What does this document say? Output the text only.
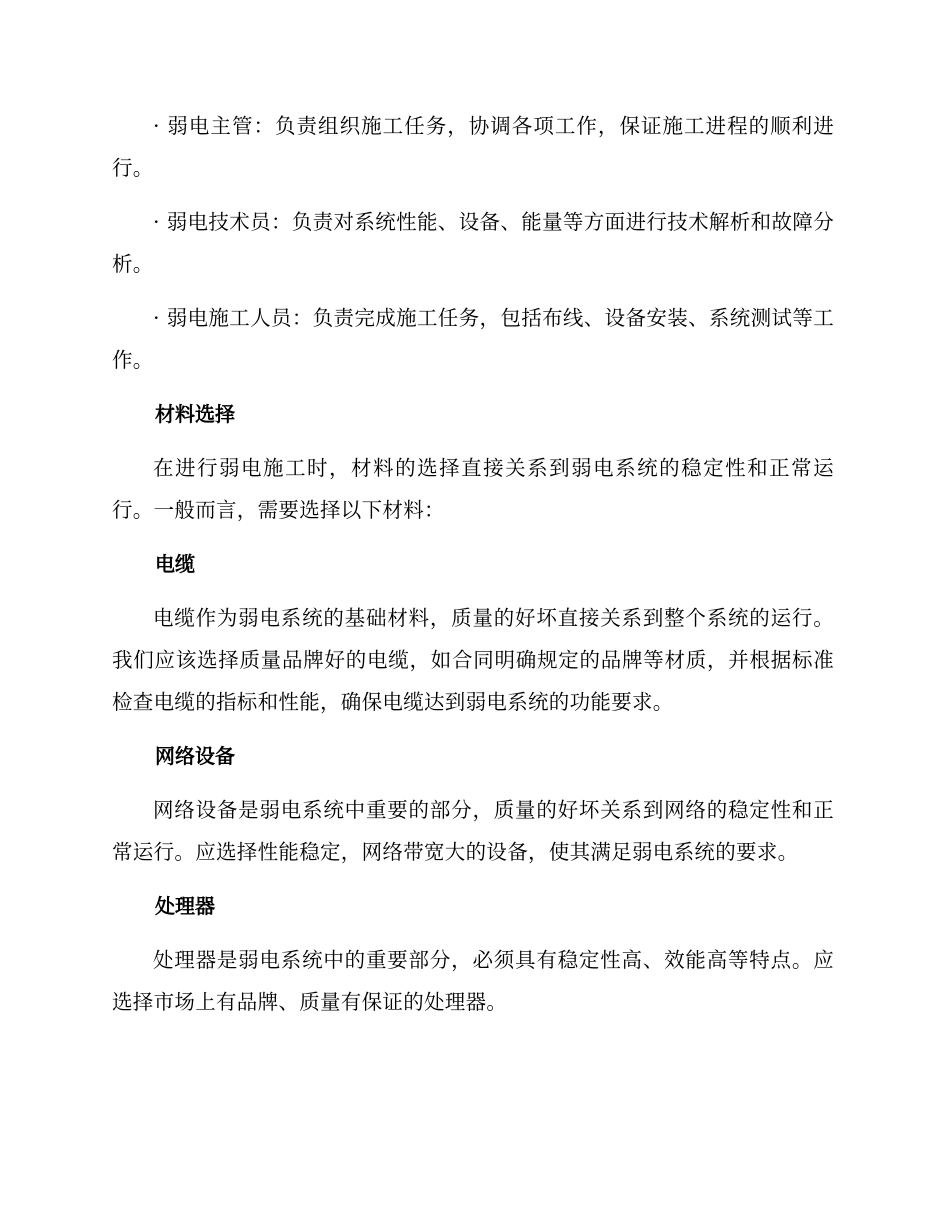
· 弱电主管：负责组织施工任务，协调各项工作，保证施工进程的顺利进行。

· 弱电技术员：负责对系统性能、设备、能量等方面进行技术解析和故障分析。

· 弱电施工人员：负责完成施工任务，包括布线、设备安装、系统测试等工作。

材料选择

在进行弱电施工时，材料的选择直接关系到弱电系统的稳定性和正常运行。一般而言，需要选择以下材料：

电缆

电缆作为弱电系统的基础材料，质量的好坏直接关系到整个系统的运行。我们应该选择质量品牌好的电缆，如合同明确规定的品牌等材质，并根据标准检查电缆的指标和性能，确保电缆达到弱电系统的功能要求。

网络设备

网络设备是弱电系统中重要的部分，质量的好坏关系到网络的稳定性和正常运行。应选择性能稳定，网络带宽大的设备，使其满足弱电系统的要求。

处理器

处理器是弱电系统中的重要部分，必须具有稳定性高、效能高等特点。应选择市场上有品牌、质量有保证的处理器。
